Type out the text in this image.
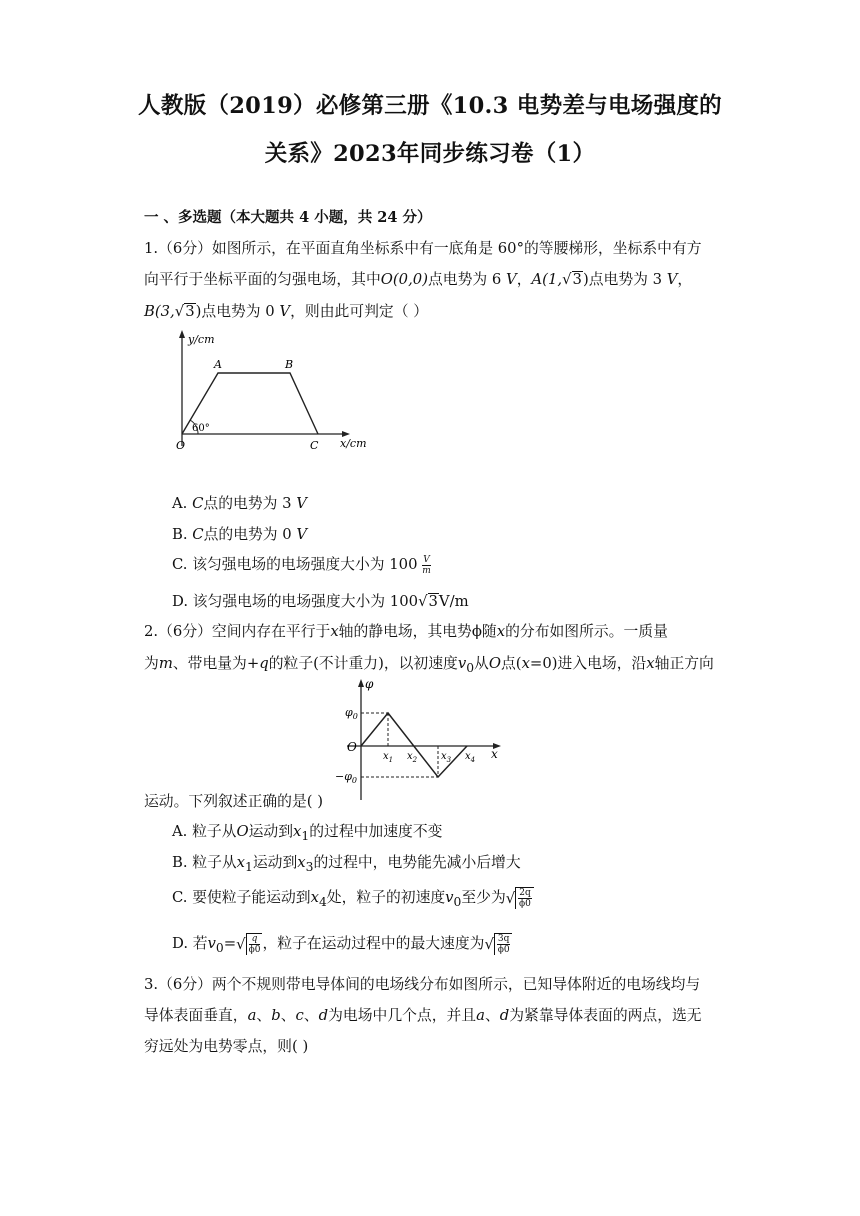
人教版（2019）必修第三册《10.3 电势差与电场强度的
关系》2023年同步练习卷（1）
一 、多选题（本大题共 4 小题，共 24 分）
1.（6分）如图所示，在平面直角坐标系中有一底角是 60°的等腰梯形，坐标系中有方
向平行于坐标平面的匀强电场，其中O(0,0)点电势为 6 V，A(1,√3)点电势为 3 V，
B(3,√3)点电势为 0 V，则由此可判定（ ）
y/cm
A	B
60°
O	C x/cm
A. C点的电势为 3 V
B. C点的电势为 0 V
C. 该匀强电场的电场强度大小为 $100 \frac{V}{m}$
D. 该匀强电场的电场强度大小为 100√3V/m
2.（6分）空间内存在平行于x轴的静电场，其电势ϕ随x的分布如图所示。一质量
为m、带电量为+q的粒子(不计重力)，以初速度$v_0$从O点(x=0)进入电场，沿x轴正方向
φ
$\varphi_0$
$-\varphi_0$
O	x
$x_1$ $x_2$ $x_3$ $x_4$
运动。下列叙述正确的是( )
A. 粒子从O运动到$x_1$的过程中加速度不变
B. 粒子从$x_1$运动到$x_3$的过程中，电势能先减小后增大
C. 要使粒子能运动到$x_4$处，粒子的初速度$v_0$至少为√ $\frac{2q}{\phi 0}$
D. 若$v_0=√ \frac{q}{\phi 0}$ ，粒子在运动过程中的最大速度为√ $\frac{3q}{\phi 0}$
3.（6分）两个不规则带电导体间的电场线分布如图所示，已知导体附近的电场线均与
导体表面垂直，a、b、c、d为电场中几个点，并且a、d为紧靠导体表面的两点，选无
穷远处为电势零点，则( )
